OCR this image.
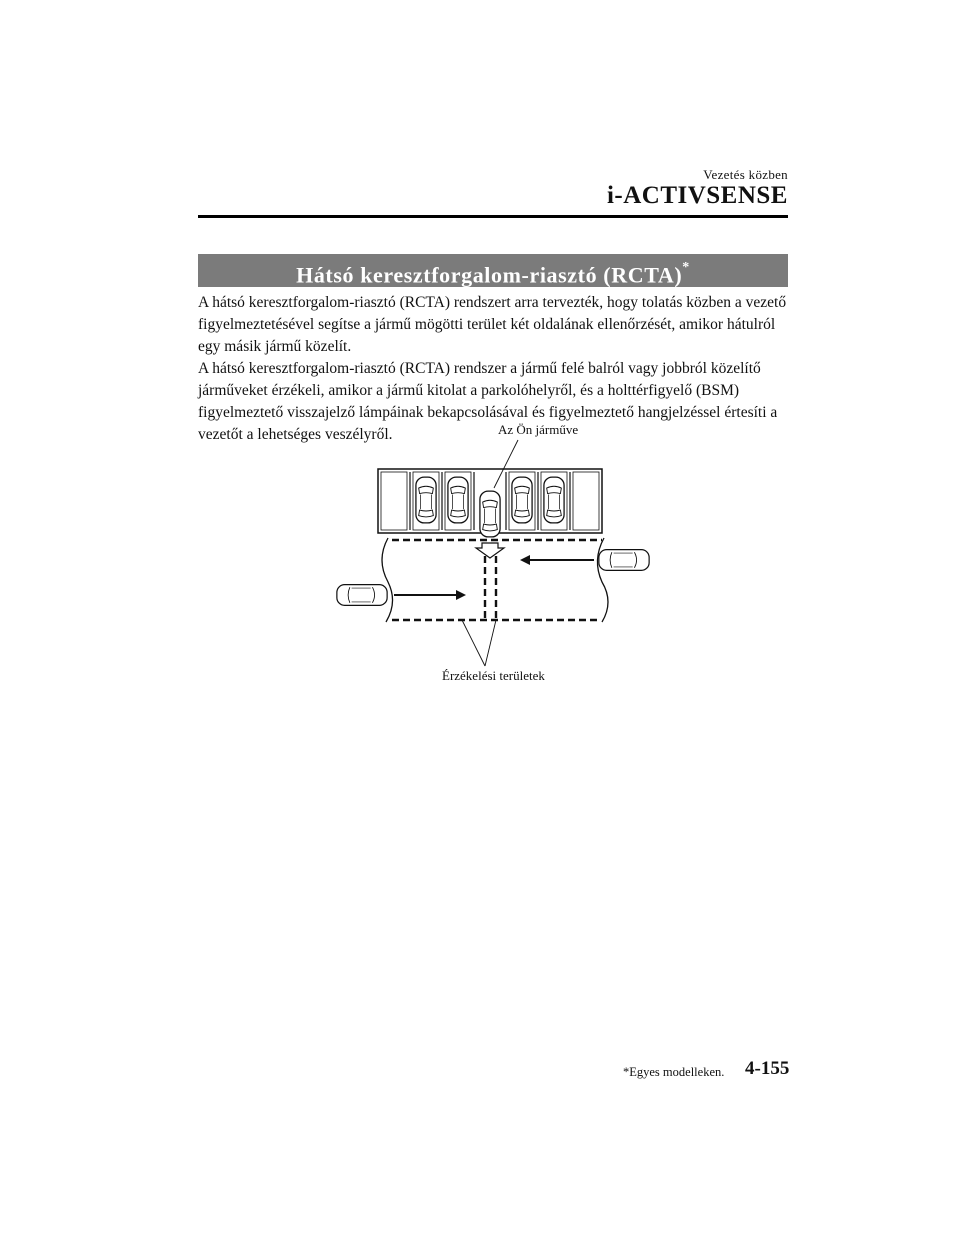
Vezetés közben
i-ACTIVSENSE
Hátsó keresztforgalom-riasztó (RCTA)*

A hátsó keresztforgalom-riasztó (RCTA) rendszert arra tervezték, hogy tolatás közben a vezető figyelmeztetésével segítse a jármű mögötti terület két oldalának ellenőrzését, amikor hátulról egy másik jármű közelít.

A hátsó keresztforgalom-riasztó (RCTA) rendszer a jármű felé balról vagy jobbról közelítő járműveket érzékeli, amikor a jármű kitolat a parkolóhelyről, és a holttérfigyelő (BSM) figyelmeztető visszajelző lámpáinak bekapcsolásával és figyelmeztető hangjelzéssel értesíti a vezetőt a lehetséges veszélyről.	Az Ön járműve
Érzékelési területek
*Egyes modelleken. 4-155
